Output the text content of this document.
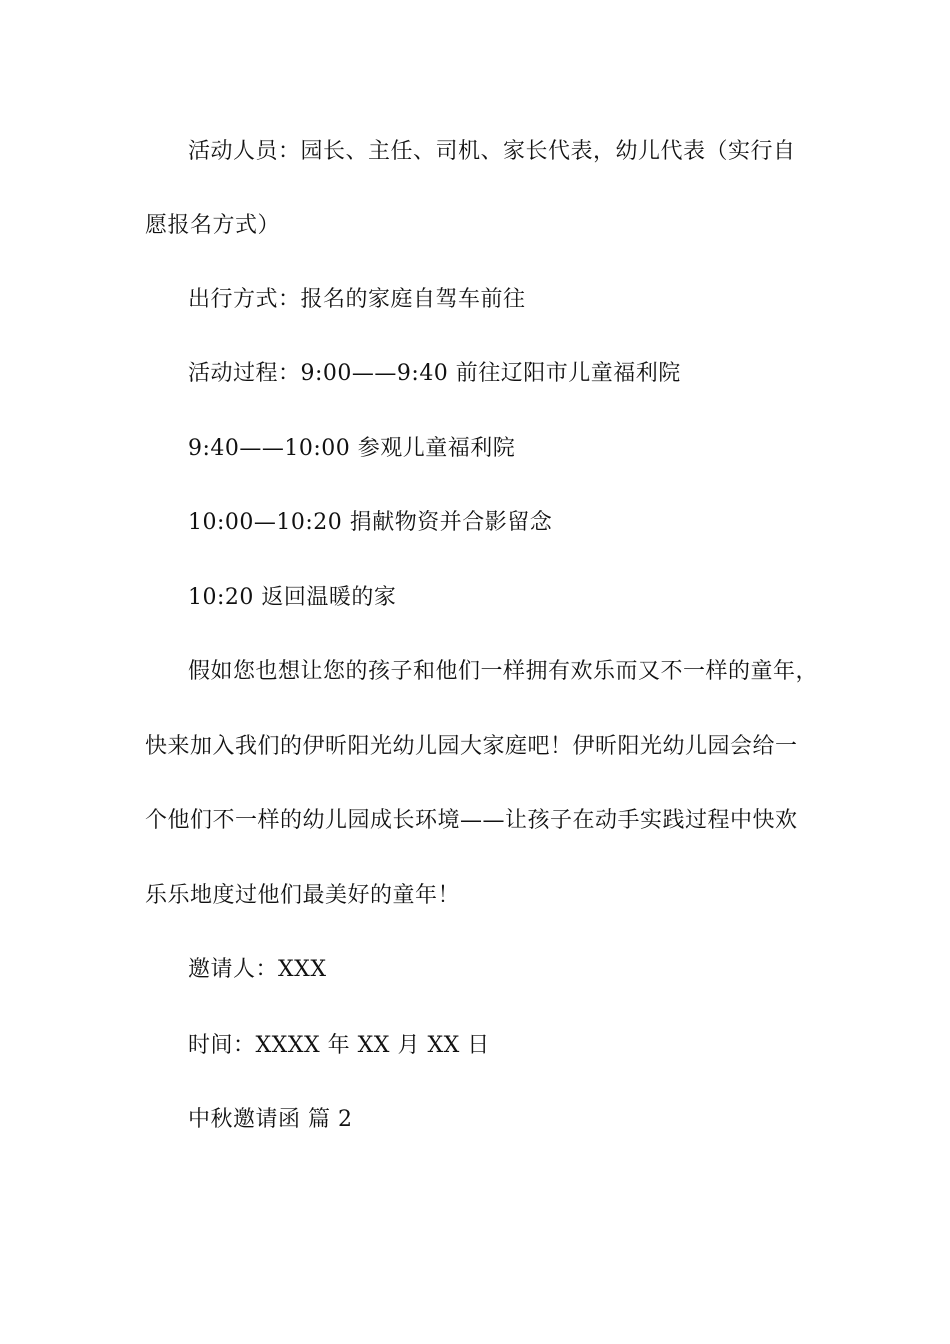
活动人员：园长、主任、司机、家长代表，幼儿代表（实行自
愿报名方式）
出行方式：报名的家庭自驾车前往
活动过程：9:00——9:40 前往辽阳市儿童福利院
9:40——10:00 参观儿童福利院
10:00—10:20 捐献物资并合影留念
10:20 返回温暖的家
假如您也想让您的孩子和他们一样拥有欢乐而又不一样的童年，
快来加入我们的伊昕阳光幼儿园大家庭吧！伊昕阳光幼儿园会给一
个他们不一样的幼儿园成长环境——让孩子在动手实践过程中快欢
乐乐地度过他们最美好的童年！
邀请人：XXX
时间：XXXX 年 XX 月 XX 日
中秋邀请函 篇 2
